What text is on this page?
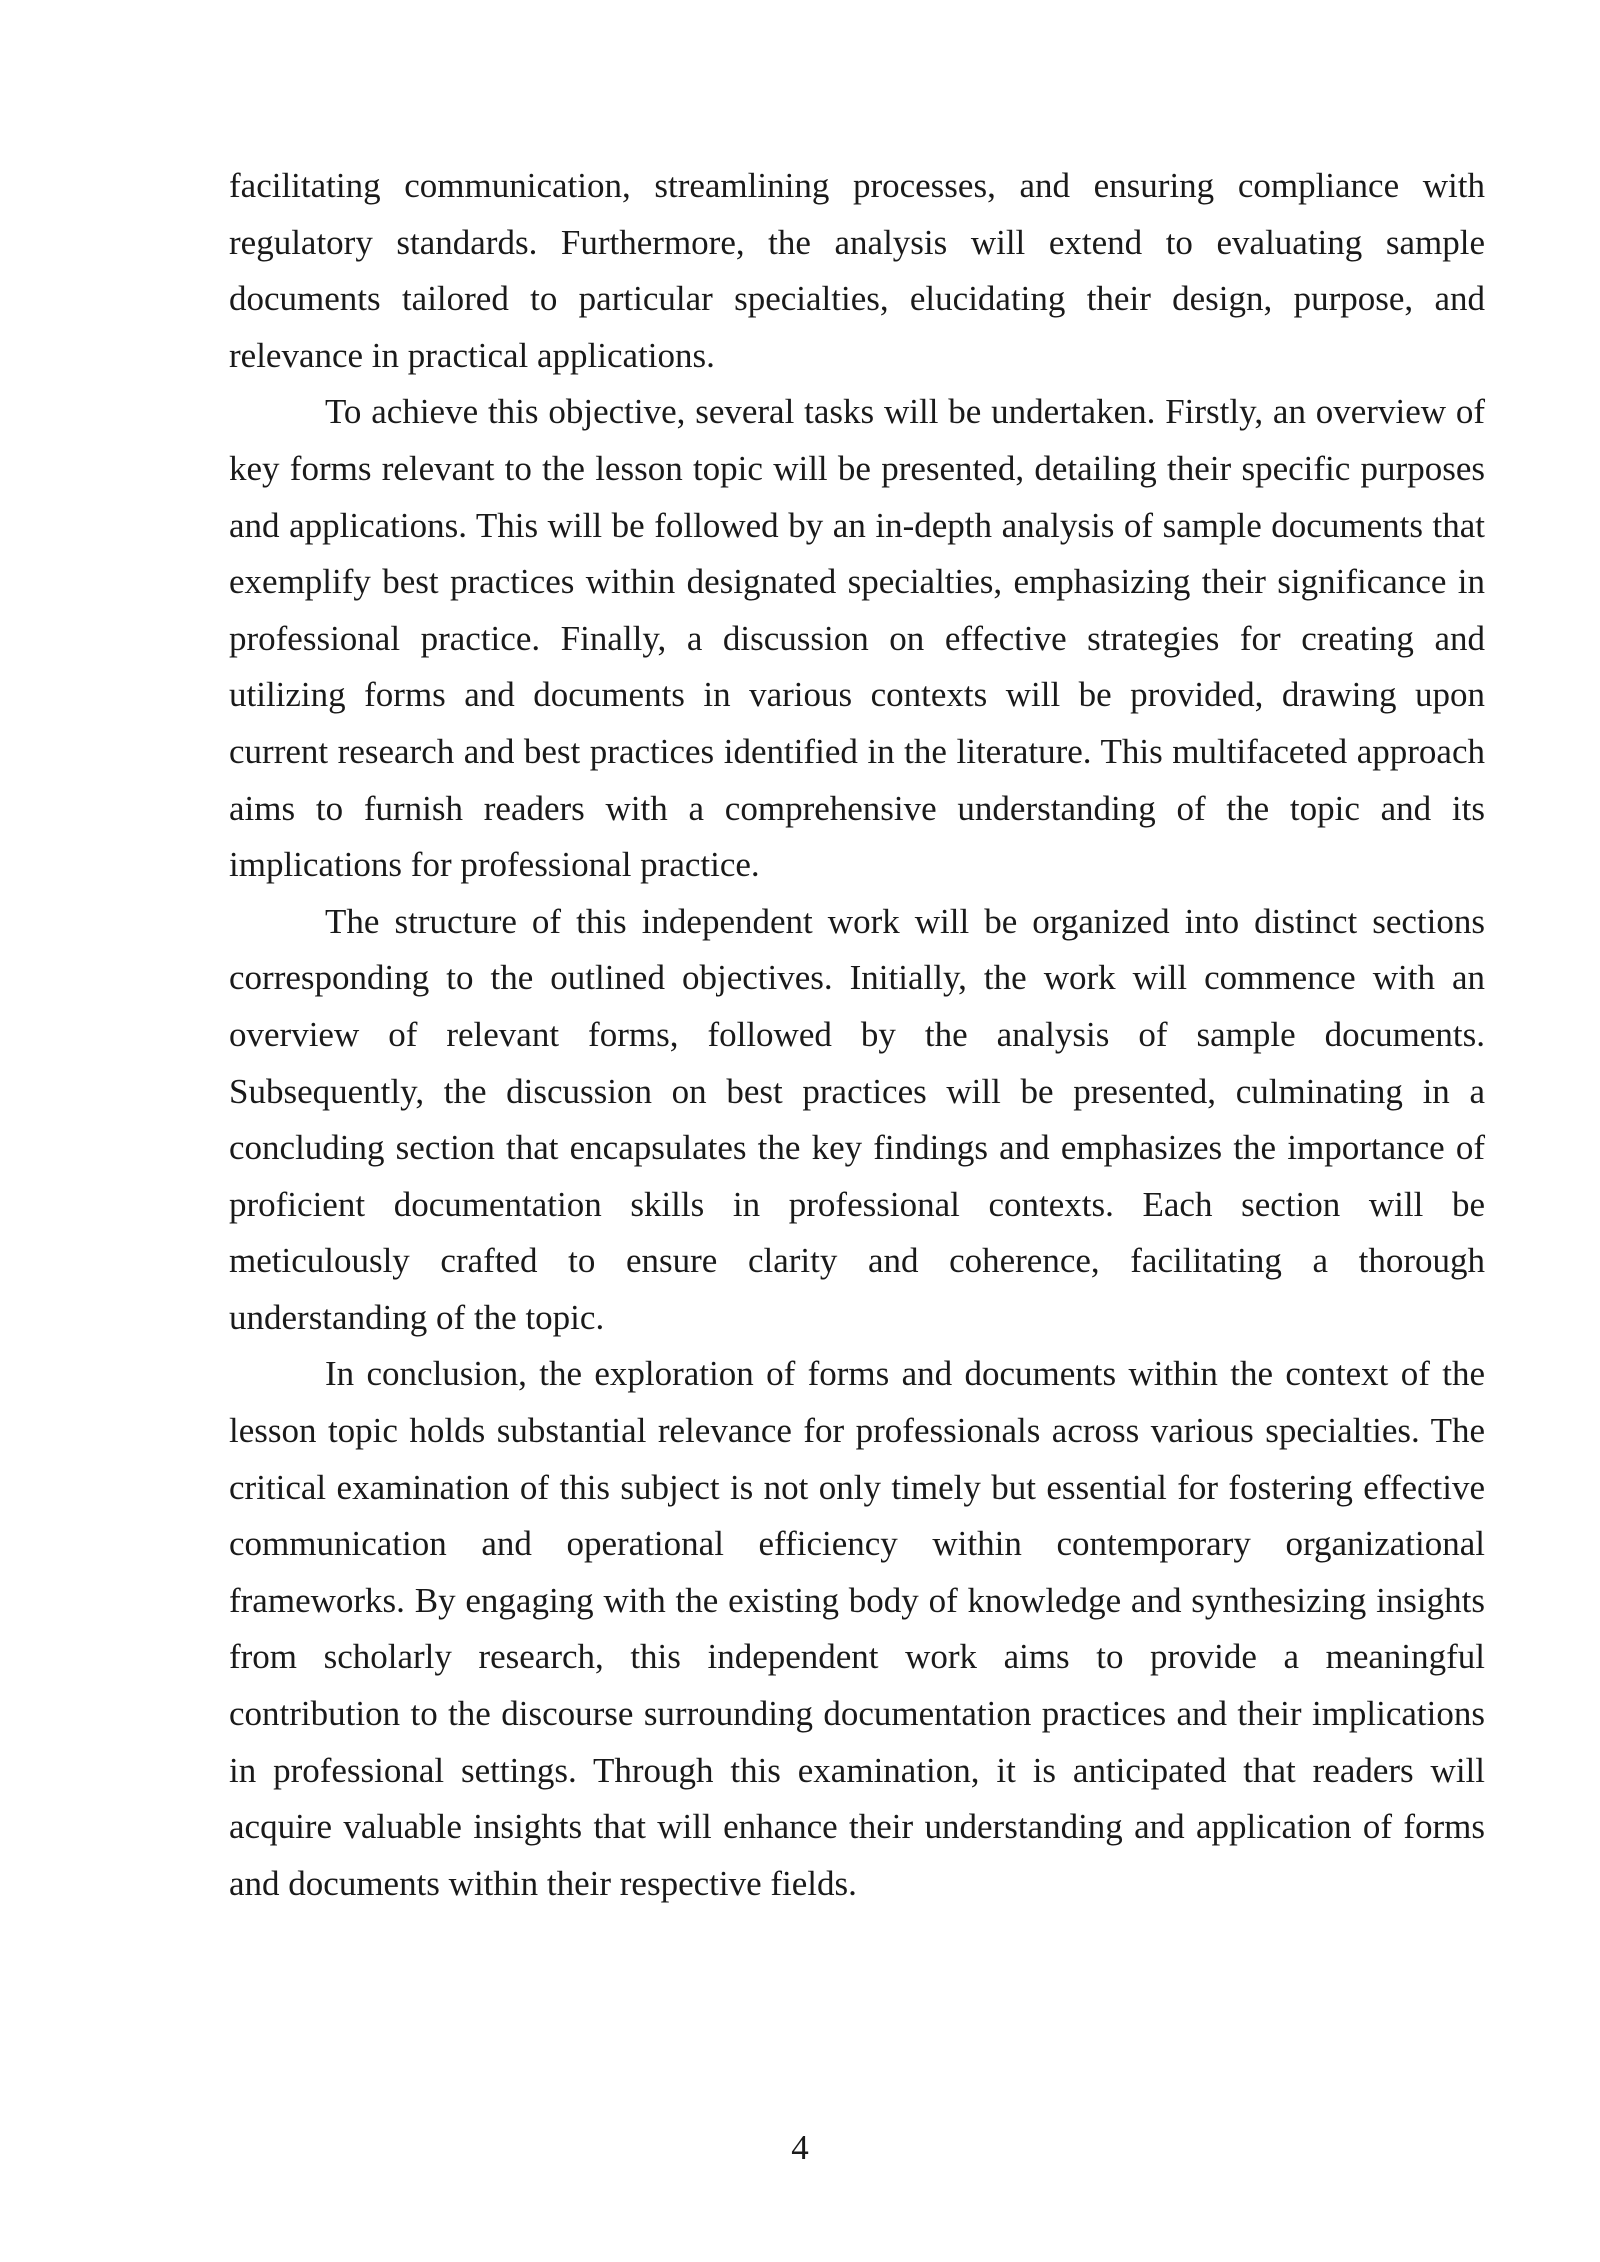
facilitating communication, streamlining processes, and ensuring compliance with regulatory standards. Furthermore, the analysis will extend to evaluating sample documents tailored to particular specialties, elucidating their design, purpose, and relevance in practical applications.

To achieve this objective, several tasks will be undertaken. Firstly, an overview of key forms relevant to the lesson topic will be presented, detailing their specific purposes and applications. This will be followed by an in-depth analysis of sample documents that exemplify best practices within designated specialties, emphasizing their significance in professional practice. Finally, a discussion on effective strategies for creating and utilizing forms and documents in various contexts will be provided, drawing upon current research and best practices identified in the literature. This multifaceted approach aims to furnish readers with a comprehensive understanding of the topic and its implications for professional practice.

The structure of this independent work will be organized into distinct sections corresponding to the outlined objectives. Initially, the work will commence with an overview of relevant forms, followed by the analysis of sample documents. Subsequently, the discussion on best practices will be presented, culminating in a concluding section that encapsulates the key findings and emphasizes the importance of proficient documentation skills in professional contexts. Each section will be meticulously crafted to ensure clarity and coherence, facilitating a thorough understanding of the topic.

In conclusion, the exploration of forms and documents within the context of the lesson topic holds substantial relevance for professionals across various specialties. The critical examination of this subject is not only timely but essential for fostering effective communication and operational efficiency within contemporary organizational frameworks. By engaging with the existing body of knowledge and synthesizing insights from scholarly research, this independent work aims to provide a meaningful contribution to the discourse surrounding documentation practices and their implications in professional settings. Through this examination, it is anticipated that readers will acquire valuable insights that will enhance their understanding and application of forms and documents within their respective fields.

4
